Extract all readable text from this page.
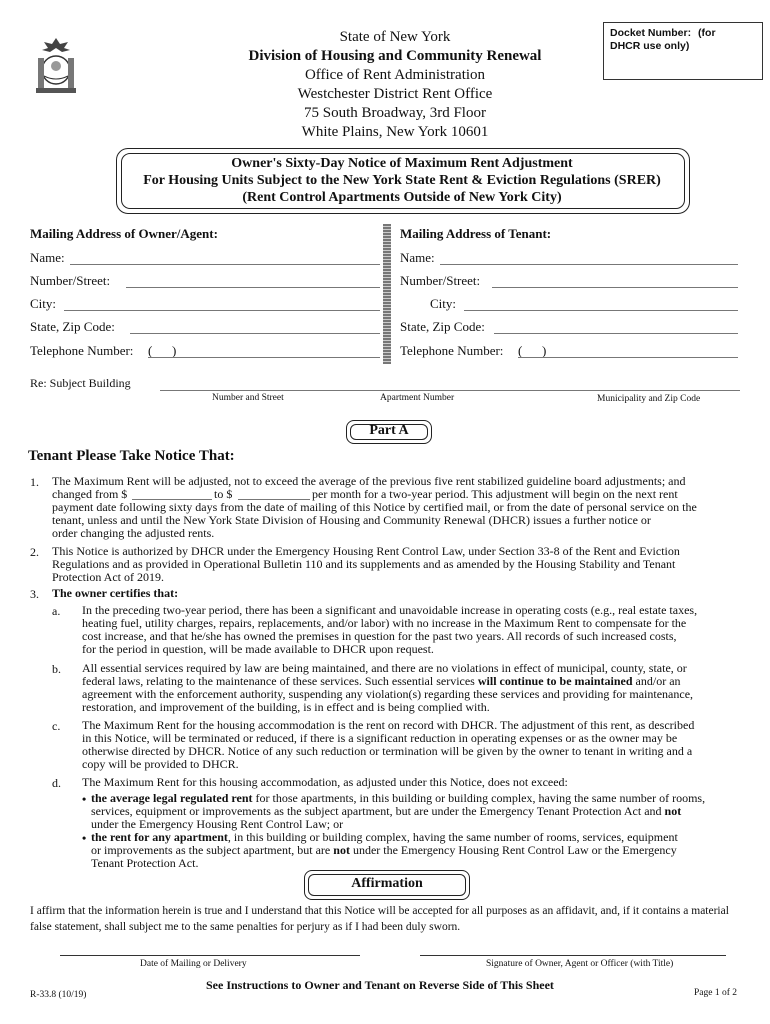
State of New York
Division of Housing and Community Renewal
Office of Rent Administration
Westchester District Rent Office
75 South Broadway, 3rd Floor
White Plains, New York 10601
Docket Number: (for
DHCR use only)
Owner's Sixty-Day Notice of Maximum Rent Adjustment
For Housing Units Subject to the New York State Rent & Eviction Regulations (SRER)
(Rent Control Apartments Outside of New York City)
Mailing Address of Owner/Agent:
Name:
Number/Street:
City:
State, Zip Code:
Telephone Number: ( )
Mailing Address of Tenant:
Name:
Number/Street:
City:
State, Zip Code:
Telephone Number: ( )
Re: Subject Building
Number and Street	Apartment Number	Municipality and Zip Code
Part A
Tenant Please Take Notice That:
1. The Maximum Rent will be adjusted, not to exceed the average of the previous five rent stabilized guideline board adjustments; and
changed from $	to $	per month for a two-year period. This adjustment will begin on the next rent
payment date following sixty days from the date of mailing of this Notice by certified mail, or from the date of personal service on the
tenant, unless and until the New York State Division of Housing and Community Renewal (DHCR) issues a further notice or
order changing the adjusted rents.
2. This Notice is authorized by DHCR under the Emergency Housing Rent Control Law, under Section 33-8 of the Rent and Eviction
Regulations and as provided in Operational Bulletin 110 and its supplements and as amended by the Housing Stability and Tenant
Protection Act of 2019.
3. The owner certifies that:
a. In the preceding two-year period, there has been a significant and unavoidable increase in operating costs (e.g., real estate taxes,
heating fuel, utility charges, repairs, replacements, and/or labor) with no increase in the Maximum Rent to compensate for the
cost increase, and that he/she has owned the premises in question for the past two years. All records of such increased costs,
for the period in question, will be made available to DHCR upon request.
b. All essential services required by law are being maintained, and there are no violations in effect of municipal, county, state, or
federal laws, relating to the maintenance of these services. Such essential services will continue to be maintained and/or an
agreement with the enforcement authority, suspending any violation(s) regarding these services and providing for maintenance,
restoration, and improvement of the building, is in effect and is being complied with.
c. The Maximum Rent for the housing accommodation is the rent on record with DHCR. The adjustment of this rent, as described
in this Notice, will be terminated or reduced, if there is a significant reduction in operating expenses or as the owner may be
otherwise directed by DHCR. Notice of any such reduction or termination will be given by the owner to tenant in writing and a
copy will be provided to DHCR.
d. The Maximum Rent for this housing accommodation, as adjusted under this Notice, does not exceed:
• the average legal regulated rent for those apartments, in this building or building complex, having the same number of rooms,
services, equipment or improvements as the subject apartment, but are under the Emergency Tenant Protection Act and not
under the Emergency Housing Rent Control Law; or
• the rent for any apartment, in this building or building complex, having the same number of rooms, services, equipment
or improvements as the subject apartment, but are not under the Emergency Housing Rent Control Law or the Emergency
Tenant Protection Act.
Affirmation
I affirm that the information herein is true and I understand that this Notice will be accepted for all purposes as an affidavit, and, if it contains a material
false statement, shall subject me to the same penalties for perjury as if I had been duly sworn.
Date of Mailing or Delivery	Signature of Owner, Agent or Officer (with Title)
R-33.8 (10/19)
See Instructions to Owner and Tenant on Reverse Side of This Sheet
Page 1 of 2
